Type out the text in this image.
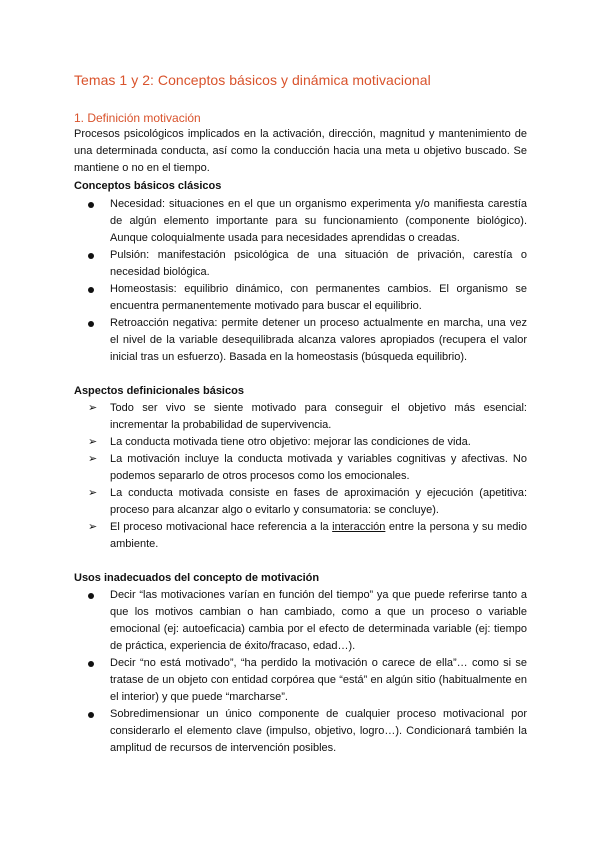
Temas 1 y 2: Conceptos básicos y dinámica motivacional
1. Definición motivación
Procesos psicológicos implicados en la activación, dirección, magnitud y mantenimiento de una determinada conducta, así como la conducción hacia una meta u objetivo buscado. Se mantiene o no en el tiempo.
Conceptos básicos clásicos
Necesidad: situaciones en el que un organismo experimenta y/o manifiesta carestía de algún elemento importante para su funcionamiento (componente biológico). Aunque coloquialmente usada para necesidades aprendidas o creadas.
Pulsión: manifestación psicológica de una situación de privación, carestía o necesidad biológica.
Homeostasis: equilibrio dinámico, con permanentes cambios. El organismo se encuentra permanentemente motivado para buscar el equilibrio.
Retroacción negativa: permite detener un proceso actualmente en marcha, una vez el nivel de la variable desequilibrada alcanza valores apropiados (recupera el valor inicial tras un esfuerzo). Basada en la homeostasis (búsqueda equilibrio).
Aspectos definicionales básicos
➢	Todo ser vivo se siente motivado para conseguir el objetivo más esencial: incrementar la probabilidad de supervivencia.
➢	La conducta motivada tiene otro objetivo: mejorar las condiciones de vida.
➢	La motivación incluye la conducta motivada y variables cognitivas y afectivas. No podemos separarlo de otros procesos como los emocionales.
➢	La conducta motivada consiste en fases de aproximación y ejecución (apetitiva: proceso para alcanzar algo o evitarlo y consumatoria: se concluye).
➢	El proceso motivacional hace referencia a la interacción entre la persona y su medio ambiente.
Usos inadecuados del concepto de motivación
Decir “las motivaciones varían en función del tiempo” ya que puede referirse tanto a que los motivos cambian o han cambiado, como a que un proceso o variable emocional (ej: autoeficacia) cambia por el efecto de determinada variable (ej: tiempo de práctica, experiencia de éxito/fracaso, edad…).
Decir “no está motivado”, “ha perdido la motivación o carece de ella”… como si se tratase de un objeto con entidad corpórea que “está” en algún sitio (habitualmente en el interior) y que puede “marcharse”.
Sobredimensionar un único componente de cualquier proceso motivacional por considerarlo el elemento clave (impulso, objetivo, logro…). Condicionará también la amplitud de recursos de intervención posibles.
